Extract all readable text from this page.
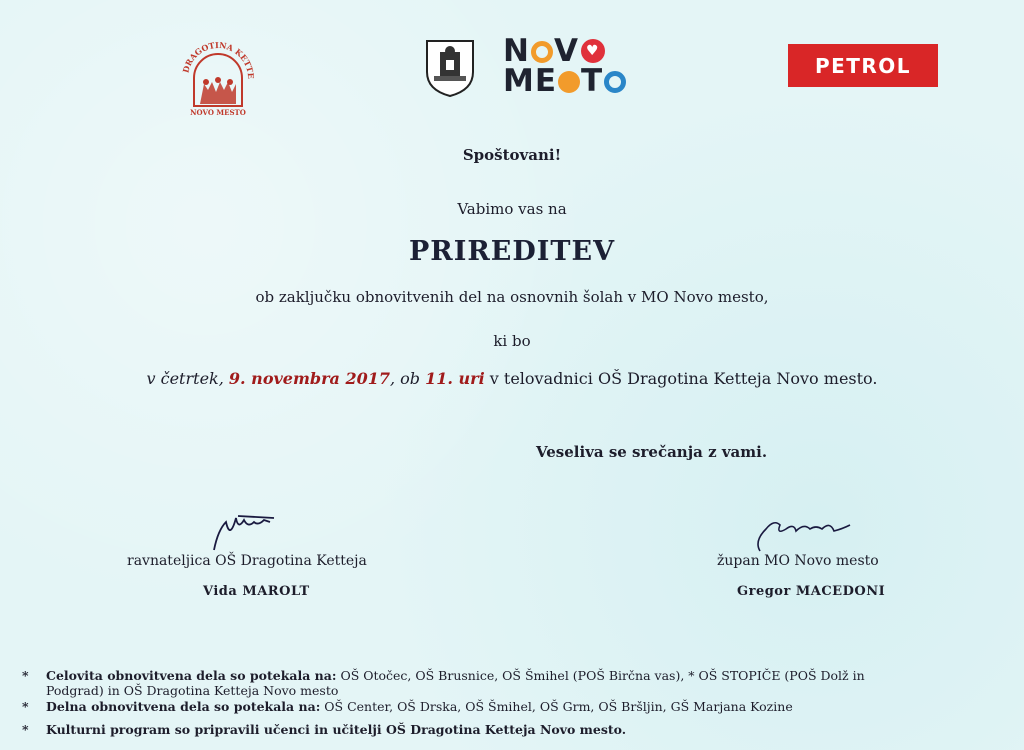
DRAGOTINA KETTE
NOVO MESTO
N V ♥
ME T	PETROL
Spoštovani!
Vabimo vas na
PRIREDITEV
ob zaključku obnovitvenih del na osnovnih šolah v MO Novo mesto,
ki bo
v četrtek, 9. novembra 2017, ob 11. uri v telovadnici OŠ Dragotina Ketteja Novo mesto.
Veseliva se srečanja z vami.
ravnateljica OŠ Dragotina Ketteja
Vida MAROLT
župan MO Novo mesto
Gregor MACEDONI
* Celovita obnovitvena dela so potekala na: OŠ Otočec, OŠ Brusnice, OŠ Šmihel (POŠ Birčna vas), * OŠ STOPIČE (POŠ Dolž in
Podgrad) in OŠ Dragotina Ketteja Novo mesto
* Delna obnovitvena dela so potekala na: OŠ Center, OŠ Drska, OŠ Šmihel, OŠ Grm, OŠ Bršljin, GŠ Marjana Kozine
* Kulturni program so pripravili učenci in učitelji OŠ Dragotina Ketteja Novo mesto.
